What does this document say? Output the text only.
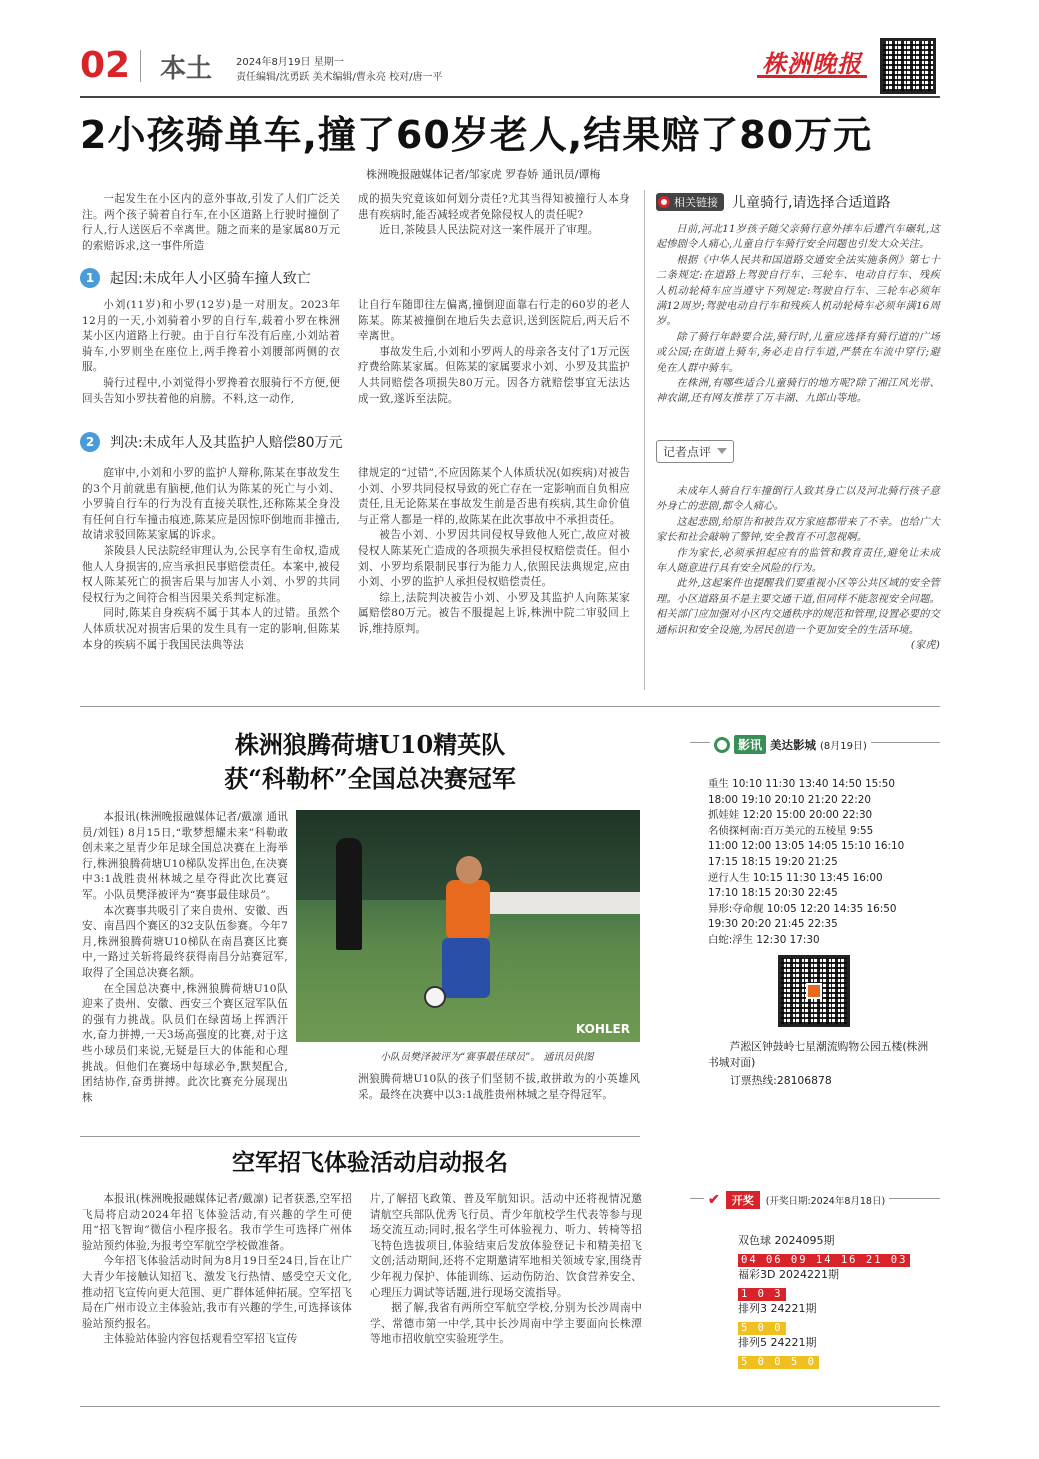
02 本土 2024年8月19日 星期一
责任编辑/沈勇跃 美术编辑/曹永亮 校对/唐一平	株洲晚报
2小孩骑单车,撞了60岁老人,结果赔了80万元
株洲晚报融媒体记者/邹家虎 罗春娇 通讯员/谭梅

一起发生在小区内的意外事故,引发了人们广泛关注。两个孩子骑着自行车,在小区道路上行驶时撞倒了行人,行人送医后不幸离世。随之而来的是家属80万元的索赔诉求,这一事件所造

成的损失究竟该如何划分责任?尤其当得知被撞行人本身患有疾病时,能否减轻或者免除侵权人的责任呢?

近日,茶陵县人民法院对这一案件展开了审理。

1	起因:未成年人小区骑车撞人致亡

小刘(11岁)和小罗(12岁)是一对朋友。2023年12月的一天,小刘骑着小罗的自行车,载着小罗在株洲某小区内道路上行驶。由于自行车没有后座,小刘站着骑车,小罗则坐在座位上,两手搀着小刘腰部两侧的衣服。

骑行过程中,小刘觉得小罗搀着衣服骑行不方便,便回头告知小罗扶着他的肩膀。不料,这一动作,

让自行车随即往左偏离,撞倒迎面靠右行走的60岁的老人陈某。陈某被撞倒在地后失去意识,送到医院后,两天后不幸离世。

事故发生后,小刘和小罗两人的母亲各支付了1万元医疗费给陈某家属。但陈某的家属要求小刘、小罗及其监护人共同赔偿各项损失80万元。因各方就赔偿事宜无法达成一致,遂诉至法院。

2	判决:未成年人及其监护人赔偿80万元

庭审中,小刘和小罗的监护人辩称,陈某在事故发生的3个月前就患有脑梗,他们认为陈某的死亡与小刘、小罗骑自行车的行为没有直接关联性,还称陈某全身没有任何自行车撞击痕迹,陈某应是因惊吓倒地而非撞击,故请求驳回陈某家属的诉求。

茶陵县人民法院经审理认为,公民享有生命权,造成他人人身损害的,应当承担民事赔偿责任。本案中,被侵权人陈某死亡的损害后果与加害人小刘、小罗的共同侵权行为之间符合相当因果关系判定标准。

同时,陈某自身疾病不属于其本人的过错。虽然个人体质状况对损害后果的发生具有一定的影响,但陈某本身的疾病不属于我国民法典等法

律规定的“过错”,不应因陈某个人体质状况(如疾病)对被告小刘、小罗共同侵权导致的死亡存在一定影响而自负相应责任,且无论陈某在事故发生前是否患有疾病,其生命价值与正常人都是一样的,故陈某在此次事故中不承担责任。

被告小刘、小罗因共同侵权导致他人死亡,故应对被侵权人陈某死亡造成的各项损失承担侵权赔偿责任。但小刘、小罗均系限制民事行为能力人,依照民法典规定,应由小刘、小罗的监护人承担侵权赔偿责任。

综上,法院判决被告小刘、小罗及其监护人向陈某家属赔偿80万元。被告不服提起上诉,株洲中院二审驳回上诉,维持原判。

相关链接 儿童骑行,请选择合适道路

日前,河北11岁孩子随父亲骑行意外摔车后遭汽车碾轧,这起惨剧令人痛心,儿童自行车骑行安全问题也引发大众关注。

根据《中华人民共和国道路交通安全法实施条例》第七十二条规定:在道路上驾驶自行车、三轮车、电动自行车、残疾人机动轮椅车应当遵守下列规定:驾驶自行车、三轮车必须年满12周岁;驾驶电动自行车和残疾人机动轮椅车必须年满16周岁。

除了骑行年龄要合法,骑行时,儿童应选择有骑行道的广场或公园;在街道上骑车,务必走自行车道,严禁在车流中穿行;避免在人群中骑车。

在株洲,有哪些适合儿童骑行的地方呢?除了湘江风光带、神农湖,还有网友推荐了万丰湖、九郎山等地。

记者点评

未成年人骑自行车撞倒行人致其身亡以及河北骑行孩子意外身亡的悲剧,都令人痛心。

这起悲剧,给原告和被告双方家庭都带来了不幸。也给广大家长和社会敲响了警钟,安全教育不可忽视啊。

作为家长,必须承担起应有的监管和教育责任,避免让未成年人随意进行具有安全风险的行为。

此外,这起案件也提醒我们要重视小区等公共区域的安全管理。小区道路虽不是主要交通干道,但同样不能忽视安全问题。相关部门应加强对小区内交通秩序的规范和管理,设置必要的交通标识和安全设施,为居民创造一个更加安全的生活环境。

(家虎)
株洲狼腾荷塘U10精英队
获“科勒杯”全国总决赛冠军

本报讯(株洲晚报融媒体记者/戴凛 通讯员/刘钰) 8月15日,“歌梦想耀未来”科勒敢创未来之星青少年足球全国总决赛在上海举行,株洲狼腾荷塘U10梯队发挥出色,在决赛中3:1战胜贵州林城之星夺得此次比赛冠军。小队员樊泽被评为“赛事最佳球员”。

本次赛事共吸引了来自贵州、安徽、西安、南昌四个赛区的32支队伍参赛。今年7月,株洲狼腾荷塘U10梯队在南昌赛区比赛中,一路过关斩将最终获得南昌分站赛冠军,取得了全国总决赛名额。

在全国总决赛中,株洲狼腾荷塘U10队迎来了贵州、安徽、西安三个赛区冠军队伍的强有力挑战。队员们在绿茵场上挥洒汗水,奋力拼搏,一天3场高强度的比赛,对于这些小球员们来说,无疑是巨大的体能和心理挑战。但他们在赛场中每球必争,默契配合,团结协作,奋勇拼搏。此次比赛充分展现出株

KOHLER
小队员樊泽被评为“赛事最佳球员”。 通讯员供图

洲狼腾荷塘U10队的孩子们坚韧不拔,敢拼敢为的小英雄风采。最终在决赛中以3:1战胜贵州林城之星夺得冠军。

影讯 美达影城 (8月19日)
重生 10:10 11:30 13:40 14:50 15:50
18:00 19:10 20:10 21:20 22:20
抓娃娃 12:20 15:00 20:00 22:30
名侦探柯南:百万美元的五棱星 9:55
11:00 12:00 13:05 14:05 15:10 16:10
17:15 18:15 19:20 21:25
逆行人生 10:15 11:30 13:45 16:00
17:10 18:15 20:30 22:45
异形:夺命舰 10:05 12:20 14:35 16:50
19:30 20:20 21:45 22:35
白蛇:浮生 12:30 17:30
芦淞区钟鼓岭七星潮流购物公园五楼(株洲书城对面)
订票热线:28106878
空军招飞体验活动启动报名

本报讯(株洲晚报融媒体记者/戴凛) 记者获悉,空军招飞局将启动2024年招飞体验活动,有兴趣的学生可使用“招飞智询”微信小程序报名。我市学生可选择广州体验站预约体验,为报考空军航空学校做准备。

今年招飞体验活动时间为8月19日至24日,旨在让广大青少年接触认知招飞、激发飞行热情、感受空天文化,推动招飞宣传向更大范围、更广群体延伸拓展。空军招飞局在广州市设立主体验站,我市有兴趣的学生,可选择该体验站预约报名。

主体验站体验内容包括观看空军招飞宣传

片,了解招飞政策、普及军航知识。活动中还将视情况邀请航空兵部队优秀飞行员、青少年航校学生代表等参与现场交流互动;同时,报名学生可体验视力、听力、转椅等招飞特色选拔项目,体验结束后发放体验登记卡和精美招飞文创;活动期间,还将不定期邀请军地相关领域专家,围绕青少年视力保护、体能训练、运动伤防治、饮食营养安全、心理压力调试等话题,进行现场交流指导。

据了解,我省有两所空军航空学校,分别为长沙周南中学、常德市第一中学,其中长沙周南中学主要面向长株潭等地市招收航空实验班学生。

✔	开奖	(开奖日期:2024年8月18日)
双色球 2024095期
04 06 09 14 16 21 03
福彩3D 2024221期
1 0 3
排列3 24221期
5 0 0
排列5 24221期
5 0 0 5 0
